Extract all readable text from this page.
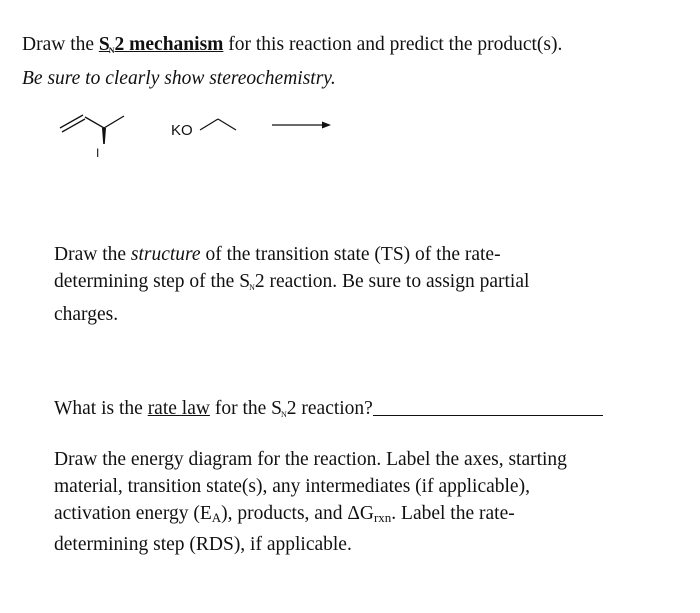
Draw the $S_N2$ mechanism for this reaction and predict the product(s).
Be sure to clearly show stereochemistry.
KO
I
Draw the structure of the transition state (TS) of the rate-
determining step of the $S_N2$ reaction. Be sure to assign partial
charges.
What is the rate law for the $S_N2$ reaction?
Draw the energy diagram for the reaction. Label the axes, starting
material, transition state(s), any intermediates (if applicable),
activation energy (EA), products, and ΔGrxn. Label the rate-
determining step (RDS), if applicable.
